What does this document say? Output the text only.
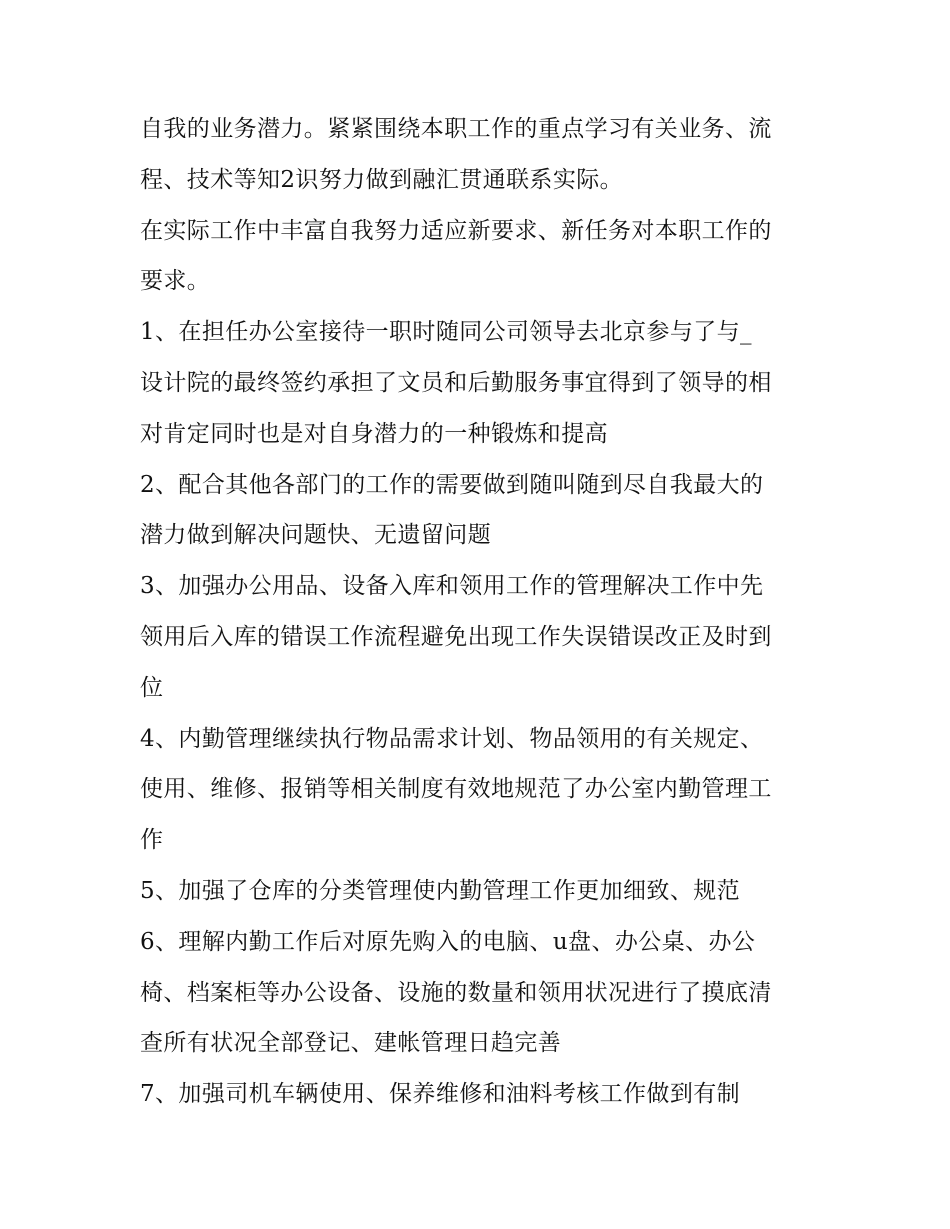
自我的业务潜力。紧紧围绕本职工作的重点学习有关业务、流
程、技术等知2识努力做到融汇贯通联系实际。
在实际工作中丰富自我努力适应新要求、新任务对本职工作的
要求。
1、在担任办公室接待一职时随同公司领导去北京参与了与_
设计院的最终签约承担了文员和后勤服务事宜得到了领导的相
对肯定同时也是对自身潜力的一种锻炼和提高
2、配合其他各部门的工作的需要做到随叫随到尽自我最大的
潜力做到解决问题快、无遗留问题
3、加强办公用品、设备入库和领用工作的管理解决工作中先
领用后入库的错误工作流程避免出现工作失误错误改正及时到
位
4、内勤管理继续执行物品需求计划、物品领用的有关规定、
使用、维修、报销等相关制度有效地规范了办公室内勤管理工
作
5、加强了仓库的分类管理使内勤管理工作更加细致、规范
6、理解内勤工作后对原先购入的电脑、u盘、办公桌、办公
椅、档案柜等办公设备、设施的数量和领用状况进行了摸底清
查所有状况全部登记、建帐管理日趋完善
7、加强司机车辆使用、保养维修和油料考核工作做到有制
